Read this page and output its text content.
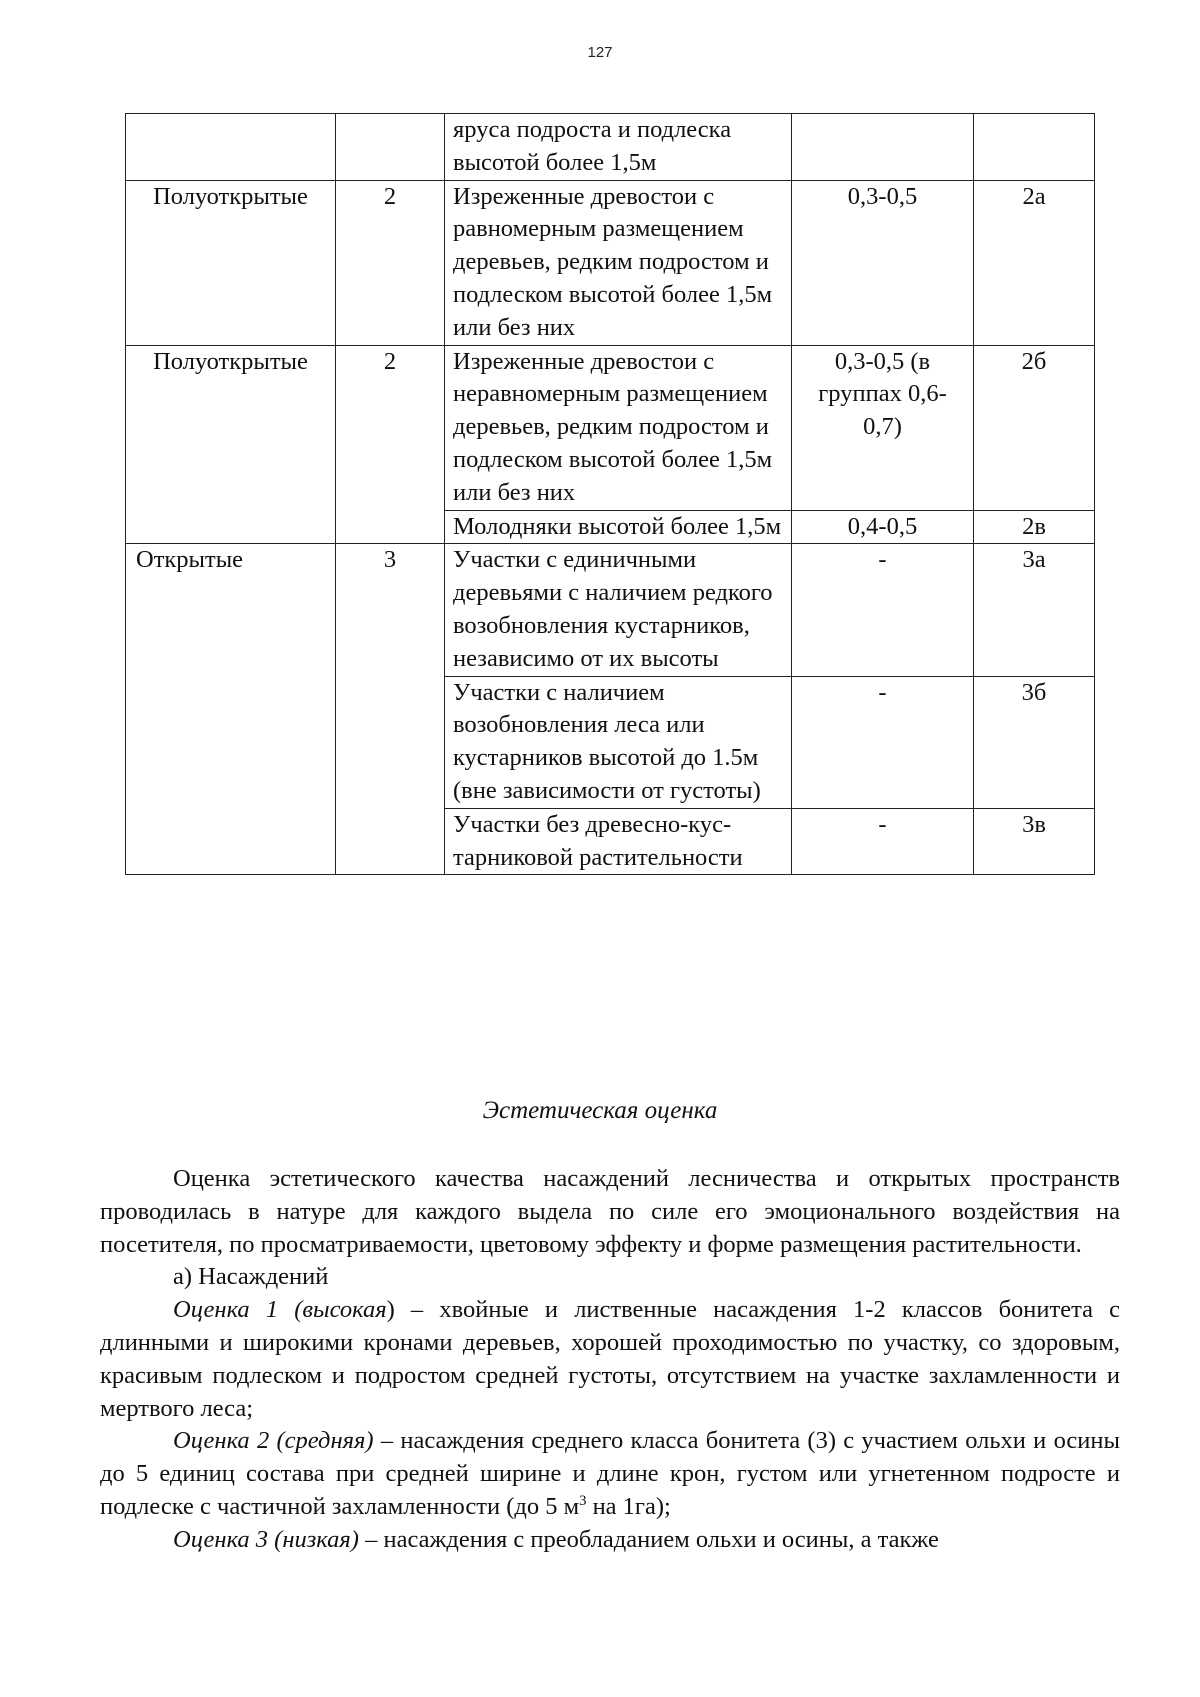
127
		яруса подроста и подлеска высотой более 1,5м		
Полуоткрытые	2	Изреженные древостои с равномерным размещением деревьев, редким подростом и подлеском высотой более 1,5м или без них	0,3-0,5	2а
Полуоткрытые	2	Изреженные древостои с неравномерным размещением деревьев, редким подростом и подлеском высотой более 1,5м или без них	0,3-0,5 (в группах 0,6-0,7)	2б
		Молодняки высотой более 1,5м	0,4-0,5	2в
Открытые	3	Участки с единичными деревьями с наличием редкого возобновления кустарников, независимо от их высоты	-	3а
		Участки с наличием возобновления леса или кустарников высотой до 1.5м (вне зависимости от густоты)	-	3б
		Участки без древесно-кус-тарниковой растительности	-	3в
Эстетическая оценка

Оценка эстетического качества насаждений лесничества и открытых пространств проводилась в натуре для каждого выдела по силе его эмоционального воздействия на посетителя, по просматриваемости, цветовому эффекту и форме размещения растительности.

а) Насаждений

Оценка 1 (высокая) – хвойные и лиственные насаждения 1-2 классов бонитета с длинными и широкими кронами деревьев, хорошей проходимостью по участку, со здоровым, красивым подлеском и подростом средней густоты, отсутствием на участке захламленности и мертвого леса;

Оценка 2 (средняя) – насаждения среднего класса бонитета (3) с участием ольхи и осины до 5 единиц состава при средней ширине и длине крон, густом или угнетенном подросте и подлеске с частичной захламленности (до 5 $м^3$ на 1га);

Оценка 3 (низкая) – насаждения с преобладанием ольхи и осины, а также
